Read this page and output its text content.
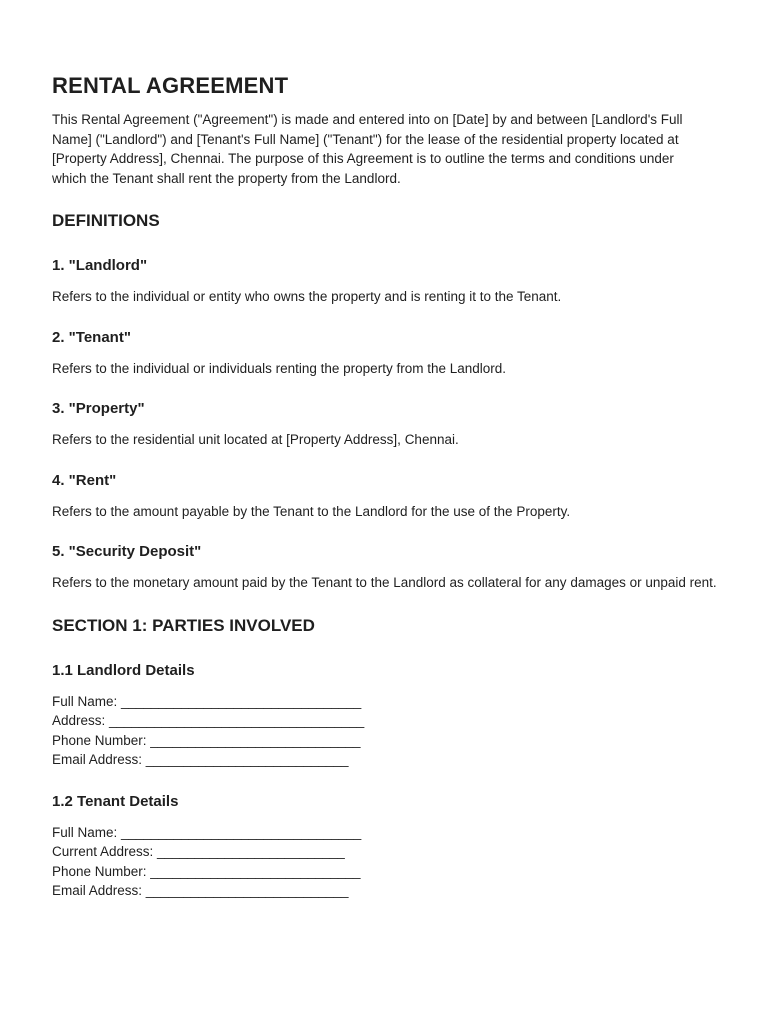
RENTAL AGREEMENT

This Rental Agreement ("Agreement") is made and entered into on [Date] by and between [Landlord's Full Name] ("Landlord") and [Tenant's Full Name] ("Tenant") for the lease of the residential property located at [Property Address], Chennai. The purpose of this Agreement is to outline the terms and conditions under which the Tenant shall rent the property from the Landlord.

DEFINITIONS
1. "Landlord"

Refers to the individual or entity who owns the property and is renting it to the Tenant.

2. "Tenant"

Refers to the individual or individuals renting the property from the Landlord.

3. "Property"

Refers to the residential unit located at [Property Address], Chennai.

4. "Rent"

Refers to the amount payable by the Tenant to the Landlord for the use of the Property.

5. "Security Deposit"

Refers to the monetary amount paid by the Tenant to the Landlord as collateral for any damages or unpaid rent.

SECTION 1: PARTIES INVOLVED
1.1 Landlord Details
Full Name: ________________________________
Address: __________________________________
Phone Number: ____________________________
Email Address: ___________________________
1.2 Tenant Details
Full Name: ________________________________
Current Address: _________________________
Phone Number: ____________________________
Email Address: ___________________________
